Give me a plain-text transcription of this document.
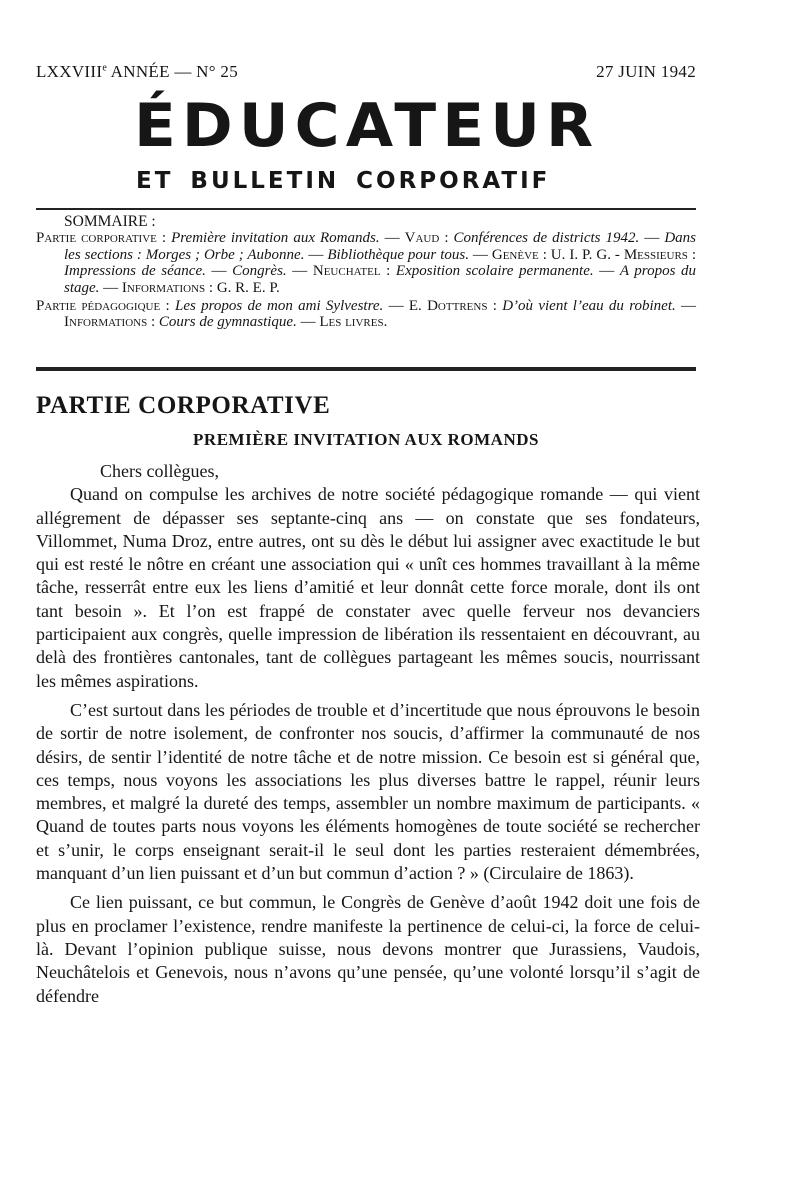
LXXVIIIe ANNÉE — N° 25	27 JUIN 1942
ÉDUCATEUR
ET BULLETIN CORPORATIF
SOMMAIRE :
Partie corporative : Première invitation aux Romands. — Vaud : Conférences de districts 1942. — Dans les sections : Morges ; Orbe ; Aubonne. — Bibliothèque pour tous. — Genève : U. I. P. G. - Messieurs : Impressions de séance. — Congrès. — Neuchatel : Exposition scolaire permanente. — A propos du stage. — Informations : G. R. E. P.
Partie pédagogique : Les propos de mon ami Sylvestre. — E. Dottrens : D’où vient l’eau du robinet. — Informations : Cours de gymnastique. — Les livres.
PARTIE CORPORATIVE
PREMIÈRE INVITATION AUX ROMANDS

Chers collègues,

Quand on compulse les archives de notre société pédagogique romande — qui vient allégrement de dépasser ses septante-cinq ans — on constate que ses fondateurs, Villommet, Numa Droz, entre autres, ont su dès le début lui assigner avec exactitude le but qui est resté le nôtre en créant une association qui « unît ces hommes travaillant à la même tâche, resserrât entre eux les liens d’amitié et leur donnât cette force morale, dont ils ont tant besoin ». Et l’on est frappé de constater avec quelle ferveur nos devanciers participaient aux congrès, quelle impression de libération ils ressentaient en découvrant, au delà des frontières cantonales, tant de collègues partageant les mêmes soucis, nourrissant les mêmes aspirations.

C’est surtout dans les périodes de trouble et d’incertitude que nous éprouvons le besoin de sortir de notre isolement, de confronter nos soucis, d’affirmer la communauté de nos désirs, de sentir l’identité de notre tâche et de notre mission. Ce besoin est si général que, ces temps, nous voyons les associations les plus diverses battre le rappel, réunir leurs membres, et malgré la dureté des temps, assembler un nombre maximum de participants. « Quand de toutes parts nous voyons les éléments homogènes de toute société se rechercher et s’unir, le corps enseignant serait-il le seul dont les parties resteraient démembrées, manquant d’un lien puissant et d’un but commun d’action ? » (Circulaire de 1863).

Ce lien puissant, ce but commun, le Congrès de Genève d’août 1942 doit une fois de plus en proclamer l’existence, rendre manifeste la pertinence de celui-ci, la force de celui-là. Devant l’opinion publique suisse, nous devons montrer que Jurassiens, Vaudois, Neuchâtelois et Genevois, nous n’avons qu’une pensée, qu’une volonté lorsqu’il s’agit de défendre
